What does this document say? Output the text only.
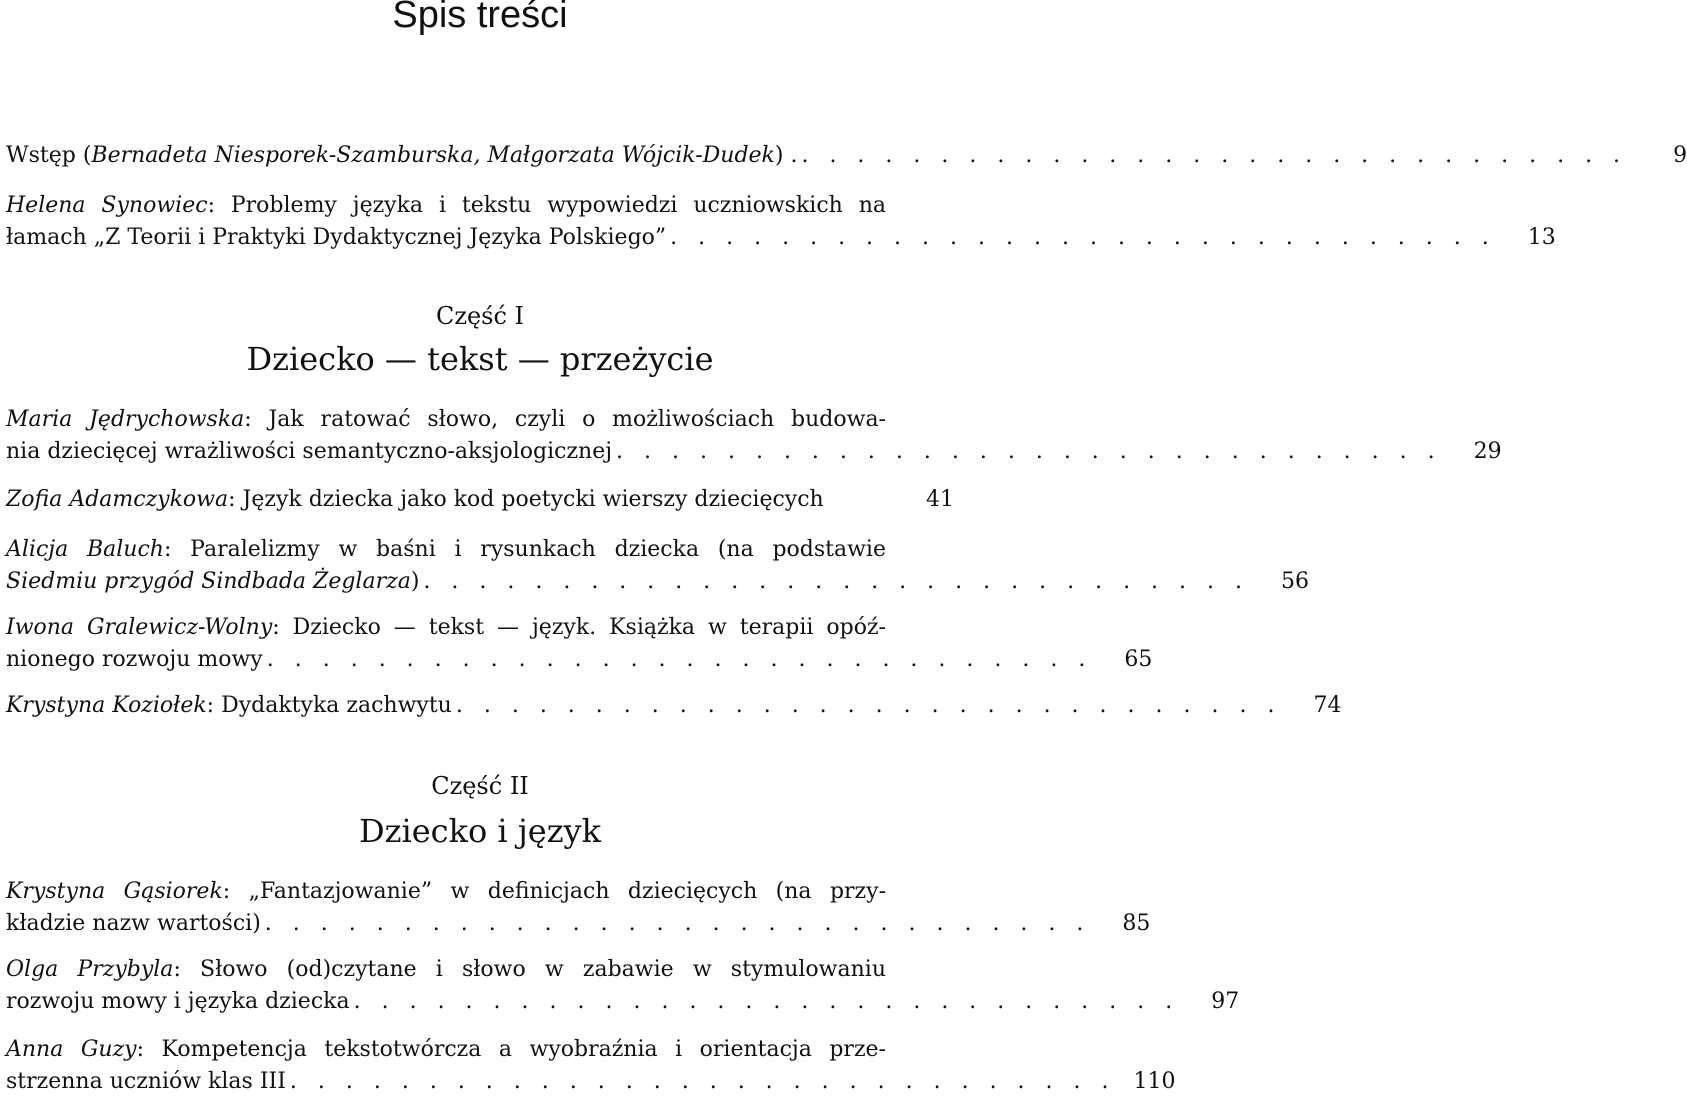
Spis treści
Wstęp (Bernadeta Niesporek-Szamburska, Małgorzata Wójcik-Dudek) . . . . . . . . . . . . . . . . . . . . . . . . . . . . . . .	9
Helena Synowiec: Problemy języka i tekstu wypowiedzi uczniowskich na
łamach „Z Teorii i Praktyki Dydaktycznej Języka Polskiego” . . . . . . . . . . . . . . . . . . . . . . . . . . . . . .	13
Część I
Dziecko — tekst — przeżycie
Maria Jędrychowska: Jak ratować słowo, czyli o możliwościach budowa-
nia dziecięcej wrażliwości semantyczno-aksjologicznej . . . . . . . . . . . . . . . . . . . . . . . . . . . . . .	29
Zofia Adamczykowa: Język dziecka jako kod poetycki wierszy dziecięcych	41
Alicja Baluch: Paralelizmy w baśni i rysunkach dziecka (na podstawie
Siedmiu przygód Sindbada Żeglarza) . . . . . . . . . . . . . . . . . . . . . . . . . . . . . .	56
Iwona Gralewicz-Wolny: Dziecko — tekst — język. Książka w terapii opóź-
nionego rozwoju mowy . . . . . . . . . . . . . . . . . . . . . . . . . . . . . .	65
Krystyna Koziołek: Dydaktyka zachwytu . . . . . . . . . . . . . . . . . . . . . . . . . . . . . .	74
Część II
Dziecko i język
Krystyna Gąsiorek: „Fantazjowanie” w definicjach dziecięcych (na przy-
kładzie nazw wartości) . . . . . . . . . . . . . . . . . . . . . . . . . . . . . .	85
Olga Przybyla: Słowo (od)czytane i słowo w zabawie w stymulowaniu
rozwoju mowy i języka dziecka . . . . . . . . . . . . . . . . . . . . . . . . . . . . . .	97
Anna Guzy: Kompetencja tekstotwórcza a wyobraźnia i orientacja prze-
strzenna uczniów klas III . . . . . . . . . . . . . . . . . . . . . . . . . . . . . . 110
